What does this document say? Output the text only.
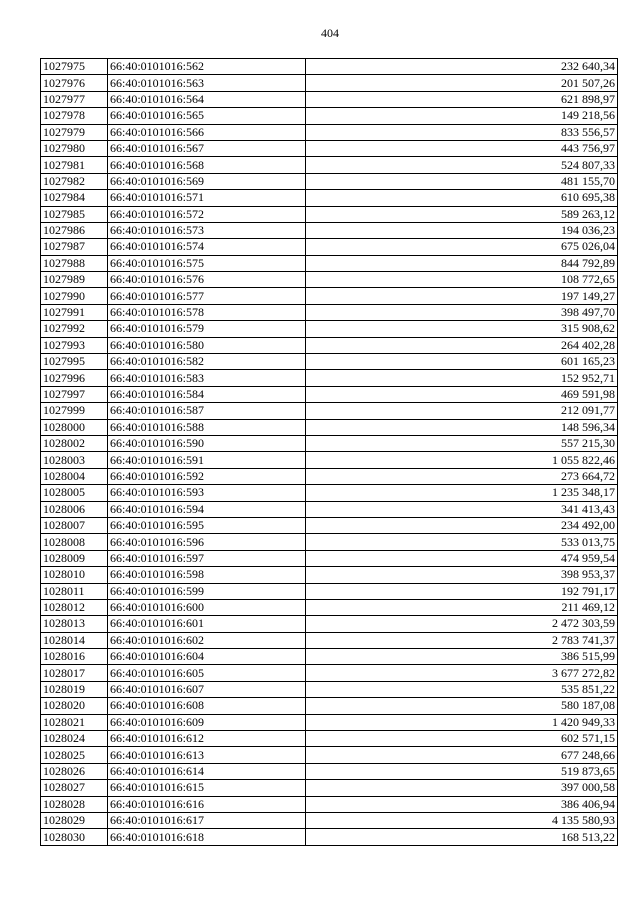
404
1027975	66:40:0101016:562	232 640,34
1027976	66:40:0101016:563	201 507,26
1027977	66:40:0101016:564	621 898,97
1027978	66:40:0101016:565	149 218,56
1027979	66:40:0101016:566	833 556,57
1027980	66:40:0101016:567	443 756,97
1027981	66:40:0101016:568	524 807,33
1027982	66:40:0101016:569	481 155,70
1027984	66:40:0101016:571	610 695,38
1027985	66:40:0101016:572	589 263,12
1027986	66:40:0101016:573	194 036,23
1027987	66:40:0101016:574	675 026,04
1027988	66:40:0101016:575	844 792,89
1027989	66:40:0101016:576	108 772,65
1027990	66:40:0101016:577	197 149,27
1027991	66:40:0101016:578	398 497,70
1027992	66:40:0101016:579	315 908,62
1027993	66:40:0101016:580	264 402,28
1027995	66:40:0101016:582	601 165,23
1027996	66:40:0101016:583	152 952,71
1027997	66:40:0101016:584	469 591,98
1027999	66:40:0101016:587	212 091,77
1028000	66:40:0101016:588	148 596,34
1028002	66:40:0101016:590	557 215,30
1028003	66:40:0101016:591	1 055 822,46
1028004	66:40:0101016:592	273 664,72
1028005	66:40:0101016:593	1 235 348,17
1028006	66:40:0101016:594	341 413,43
1028007	66:40:0101016:595	234 492,00
1028008	66:40:0101016:596	533 013,75
1028009	66:40:0101016:597	474 959,54
1028010	66:40:0101016:598	398 953,37
1028011	66:40:0101016:599	192 791,17
1028012	66:40:0101016:600	211 469,12
1028013	66:40:0101016:601	2 472 303,59
1028014	66:40:0101016:602	2 783 741,37
1028016	66:40:0101016:604	386 515,99
1028017	66:40:0101016:605	3 677 272,82
1028019	66:40:0101016:607	535 851,22
1028020	66:40:0101016:608	580 187,08
1028021	66:40:0101016:609	1 420 949,33
1028024	66:40:0101016:612	602 571,15
1028025	66:40:0101016:613	677 248,66
1028026	66:40:0101016:614	519 873,65
1028027	66:40:0101016:615	397 000,58
1028028	66:40:0101016:616	386 406,94
1028029	66:40:0101016:617	4 135 580,93
1028030	66:40:0101016:618	168 513,22
